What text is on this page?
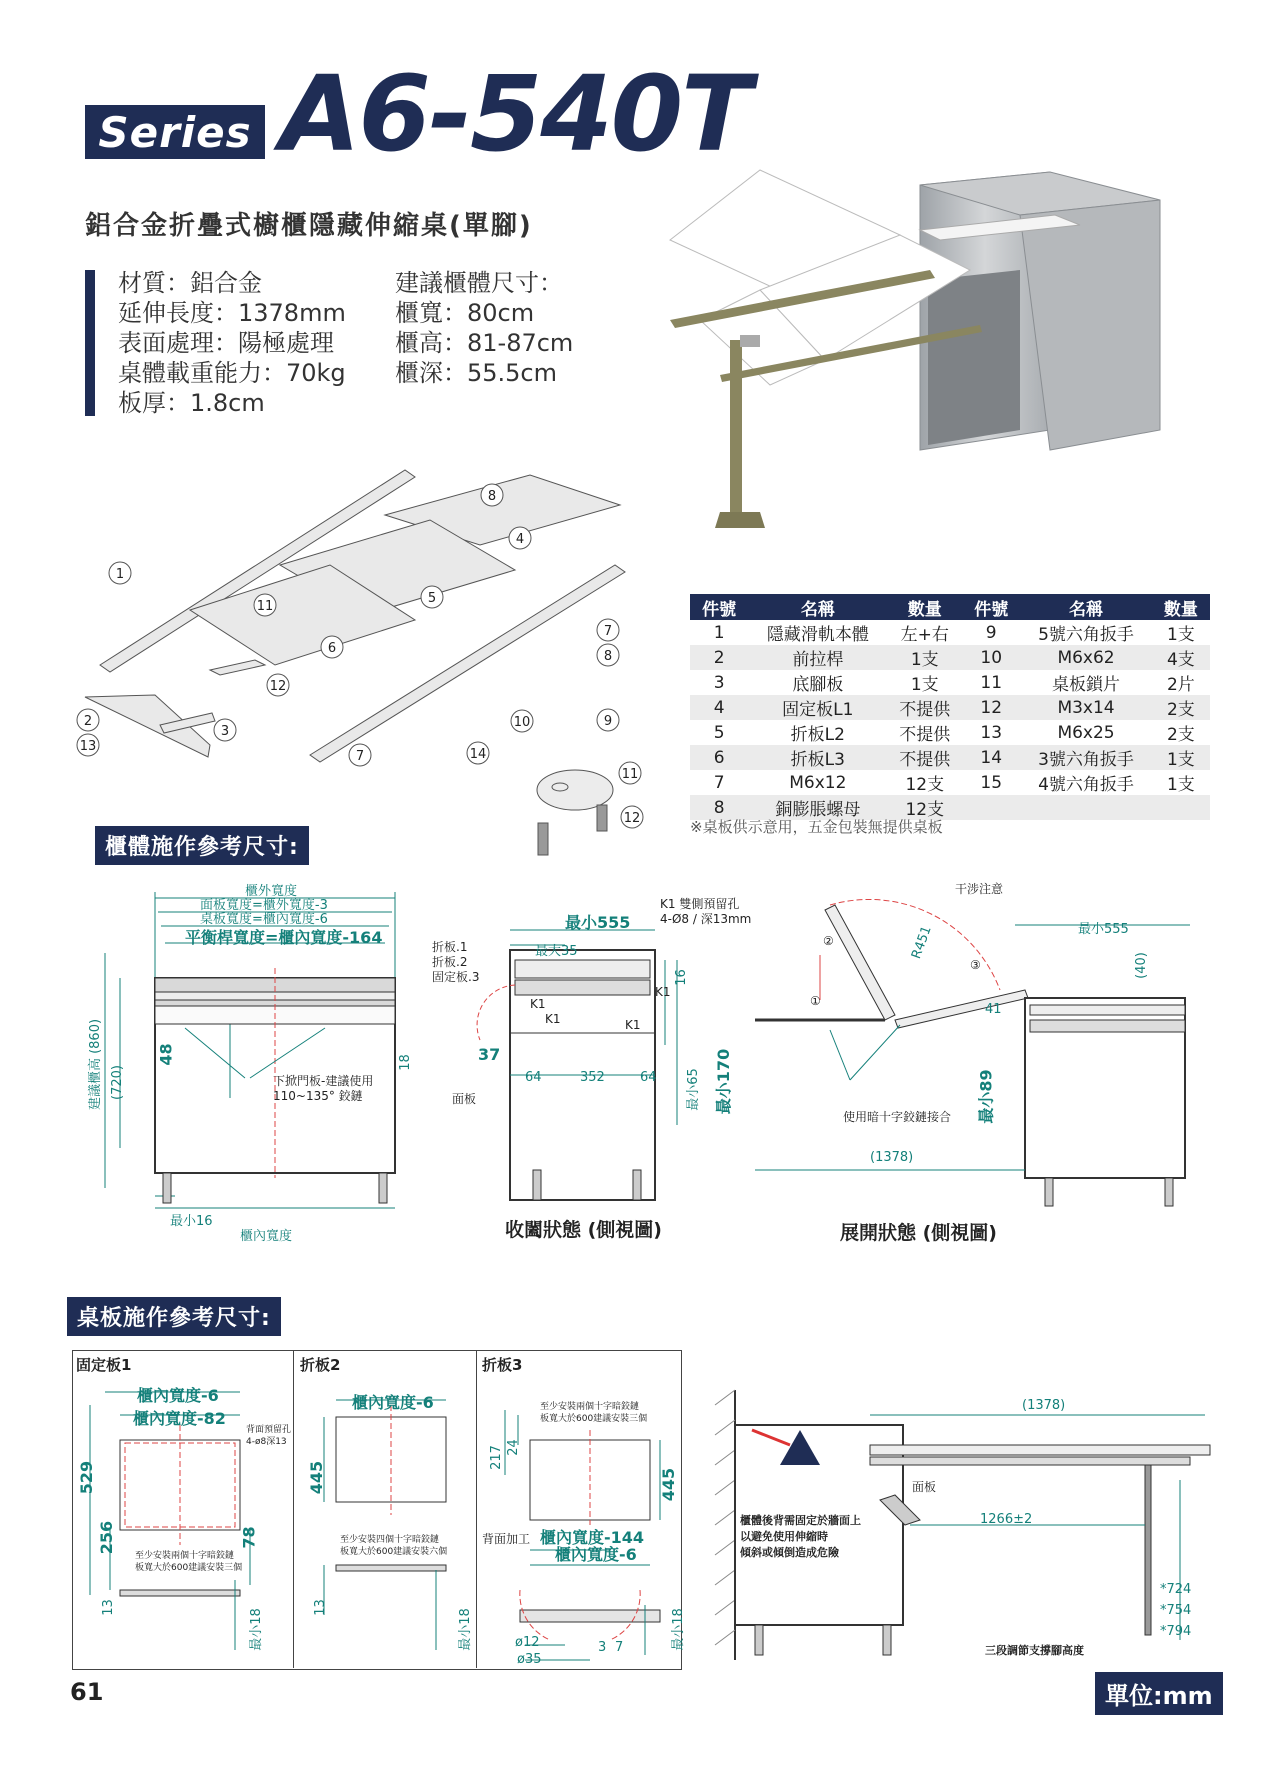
Series A6-540T
鋁合金折疊式櫥櫃隱藏伸縮桌(單腳)
材質：鋁合金
延伸長度：1378mm
表面處理：陽極處理
桌體載重能力：70kg
板厚：1.8cm
建議櫃體尺寸：
櫃寬：80cm
櫃高：81-87cm
櫃深：55.5cm
1
2
3
4
5
6
7
7
8
8
9
10
11
11
12
12
13
14
件號	名稱	數量	件號	名稱	數量
1	隱藏滑軌本體	左+右	9	5號六角扳手	1支
2	前拉桿	1支	10	M6x62	4支
3	底腳板	1支	11	桌板鎖片	2片
4	固定板L1	不提供	12	M3x14	2支
5	折板L2	不提供	13	M6x25	2支
6	折板L3	不提供	14	3號六角扳手	1支
7	M6x12	12支	15	4號六角扳手	1支
8	銅膨脹螺母	12支			
※桌板供示意用，五金包裝無提供桌板
櫃體施作參考尺寸:
櫃外寬度
面板寬度=櫃外寬度-3
桌板寬度=櫃內寬度-6
平衡桿寬度=櫃內寬度-164	折板.1
折板.2
固定板.3
下掀門板-建議使用
110~135° 鉸鏈	面板
48	18
建議櫃高 (860) (720)
最小16
櫃內寬度
最小555
最大35
K1 雙側預留孔
4-Ø8 / 深13mm
K1
K1	K1
K1
16
37
64	352	64	最小65 最小170
收闔狀態 (側視圖)
干涉注意
R451	最小555
(40)
41
最小89
①
②
③
使用暗十字鉸鏈接合
(1378)
展開狀態 (側視圖)
桌板施作參考尺寸:
固定板1
櫃內寬度-6
櫃內寬度-82
背面預留孔
4-ø8深13
529
256	78
13
最小18
至少安裝兩個十字暗鉸鏈
板寬大於600建議安裝三個
折板2
櫃內寬度-6
445
13
最小18
至少安裝四個十字暗鉸鏈
板寬大於600建議安裝六個
折板3
至少安裝兩個十字暗鉸鏈
板寬大於600建議安裝三個
217 24
445
背面加工 櫃內寬度-144
櫃內寬度-6
最小18
ø12
ø35
3 7
(1378)
面板
1266±2
櫃體後背需固定於牆面上
以避免使用伸縮時
傾斜或傾倒造成危險
*724
*754
*794
三段調節支撐腳高度
61	單位:mm
